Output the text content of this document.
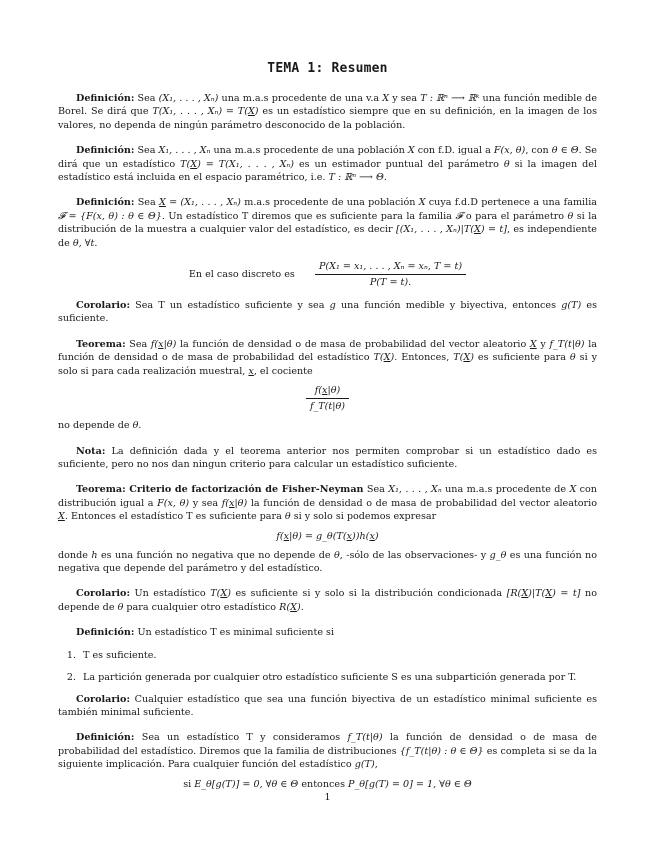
TEMA 1: Resumen

Definición: Sea (X₁, . . . , Xₙ) una m.a.s procedente de una v.a X y sea T : ℝⁿ ⟶ ℝᵏ una función medible de Borel. Se dirá que T(X₁, . . . , Xₙ) = T(X) es un estadístico siempre que en su definición, en la imagen de los valores, no dependa de ningún parámetro desconocido de la población.

Definición: Sea X₁, . . . , Xₙ una m.a.s procedente de una población X con f.D. igual a F(x, θ), con θ ∈ Θ. Se dirá que un estadístico T(X) = T(X₁, . . . , Xₙ) es un estimador puntual del parámetro θ si la imagen del estadístico está incluida en el espacio paramétrico, i.e. T : ℝⁿ ⟶ Θ.

Definición: Sea X = (X₁, . . . , Xₙ) m.a.s procedente de una población X cuya f.d.D pertenece a una familia 𝓕 = {F(x, θ) : θ ∈ Θ}. Un estadístico T diremos que es suficiente para la familia 𝓕 o para el parámetro θ si la distribución de la muestra a cualquier valor del estadístico, es decir [(X₁, . . . , Xₙ)|T(X) = t], es independiente de θ, ∀t.

En el caso discreto es $\frac{\text{P(X₁ = x₁, . . . , Xₙ = xₙ, T = t)}}{P(T = t).}$

Corolario: Sea T un estadístico suficiente y sea g una función medible y biyectiva, entonces g(T) es suficiente.

Teorema: Sea f(x|θ) la función de densidad o de masa de probabilidad del vector aleatorio X y f_T(t|θ) la función de densidad o de masa de probabilidad del estadístico T(X). Entonces, T(X) es suficiente para θ si y solo si para cada realización muestral, x, el cociente

$\frac{f(x|\theta)}{f\_T(t|\theta)}$

no depende de θ.

Nota: La definición dada y el teorema anterior nos permiten comprobar si un estadístico dado es suficiente, pero no nos dan ningun criterio para calcular un estadístico suficiente.

Teorema: Criterio de factorización de Fisher-Neyman Sea X₁, . . . , Xₙ una m.a.s procedente de X con distribución igual a F(x, θ) y sea f(x|θ) la función de densidad o de masa de probabilidad del vector aleatorio X. Entonces el estadístico T es suficiente para θ si y solo si podemos expresar

f(x|θ) = g_θ(T(x))h(x)

donde h es una función no negativa que no depende de θ, -sólo de las observaciones- y g_θ es una función no negativa que depende del parámetro y del estadístico.

Corolario: Un estadístico T(X) es suficiente si y solo si la distribución condicionada [R(X)|T(X) = t] no depende de θ para cualquier otro estadístico R(X).

Definición: Un estadístico T es minimal suficiente si

1. T es suficiente.
2. La partición generada por cualquier otro estadístico suficiente S es una subpartición generada por T.

Corolario: Cualquier estadístico que sea una función biyectiva de un estadístico minimal suficiente es también minimal suficiente.

Definición: Sea un estadístico T y consideramos f_T(t|θ) la función de densidad o de masa de probabilidad del estadístico. Diremos que la familia de distribuciones {f_T(t|θ) : θ ∈ Θ} es completa si se da la siguiente implicación. Para cualquier función del estadístico g(T),

si E_θ[g(T)] = 0, ∀θ ∈ Θ entonces P_θ[g(T) = 0] = 1, ∀θ ∈ Θ
1
